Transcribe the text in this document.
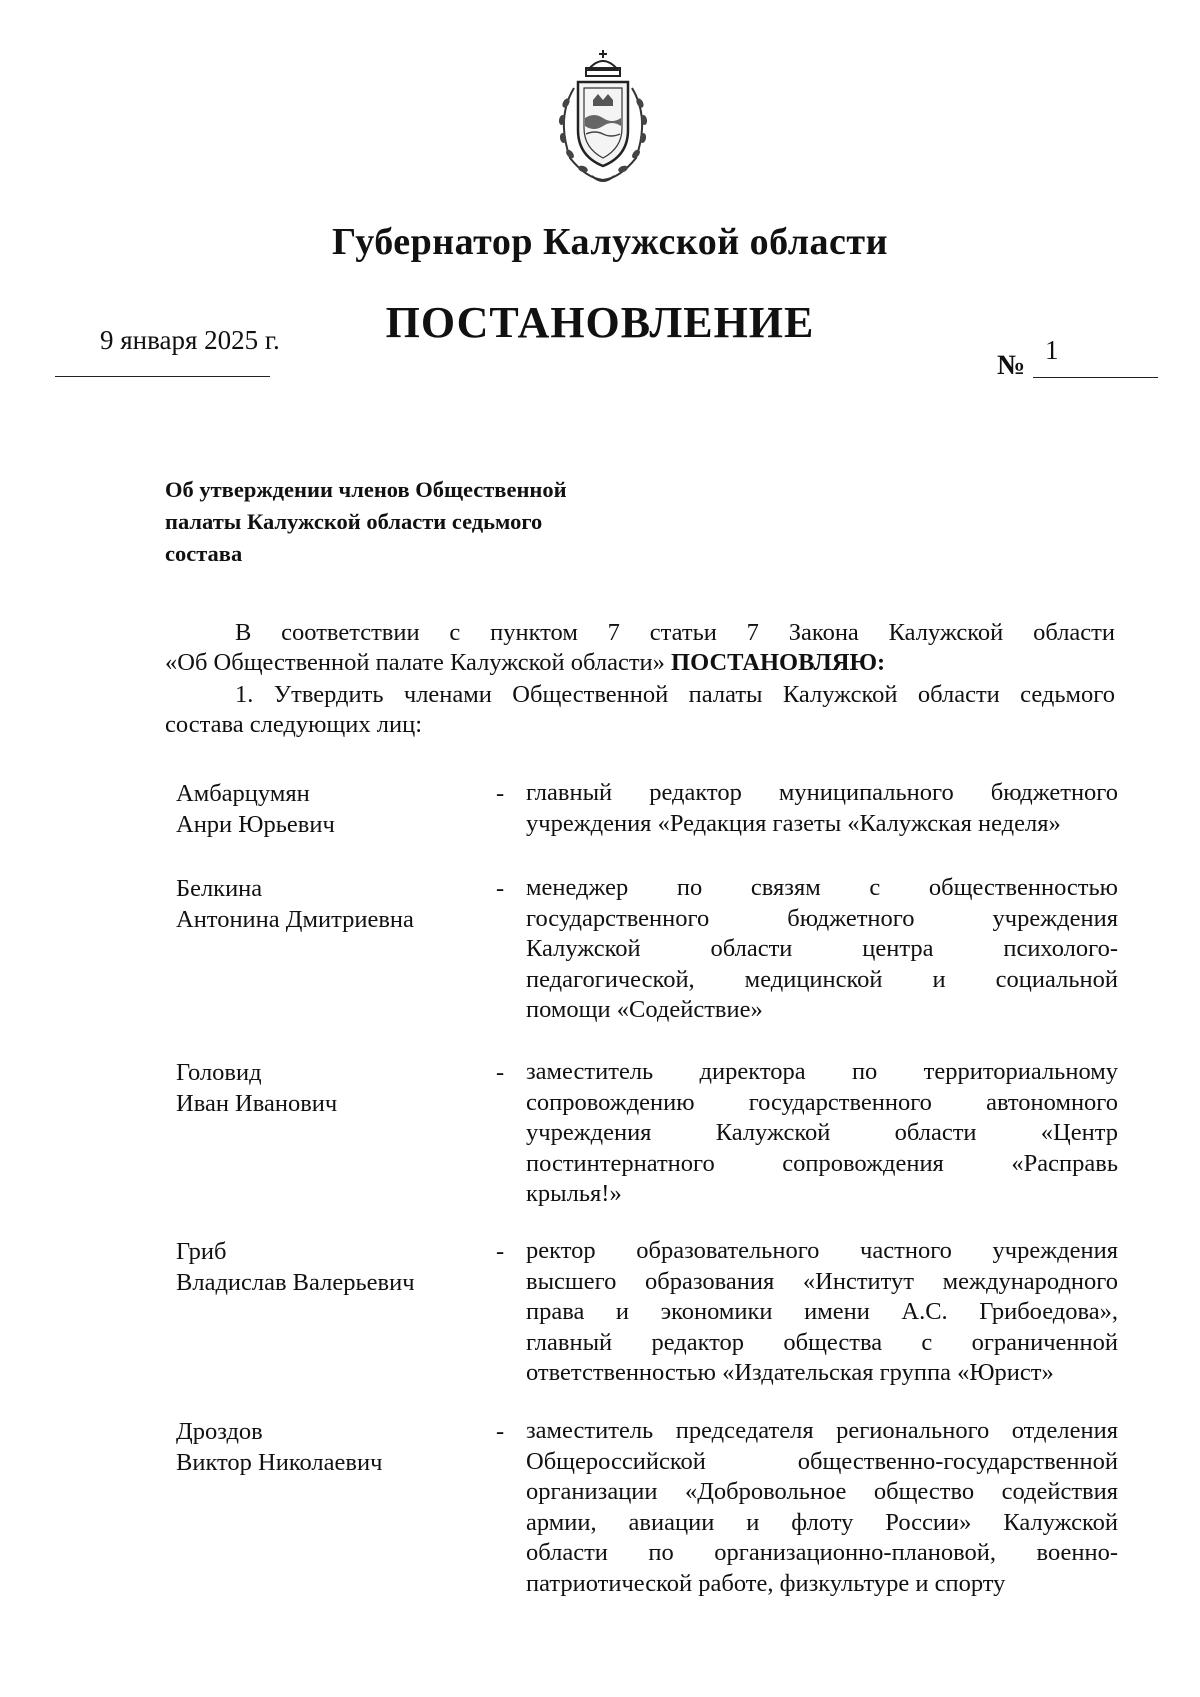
Губернатор Калужской области
ПОСТАНОВЛЕНИЕ
9 января 2025 г.
№ 1
Об утверждении членов Общественной
палаты Калужской области седьмого
состава
В соответствии с пунктом 7 статьи 7 Закона Калужской области
«Об Общественной палате Калужской области» ПОСТАНОВЛЯЮ:
1. Утвердить членами Общественной палаты Калужской области седьмого
состава следующих лиц:
Амбарцумян
Анри Юрьевич
- главный редактор муниципального бюджетного
учреждения «Редакция газеты «Калужская неделя»
Белкина
Антонина Дмитриевна
- менеджер по связям с общественностью
государственного бюджетного учреждения
Калужской области центра психолого-
педагогической, медицинской и социальной
помощи «Содействие»
Головид
Иван Иванович
- заместитель директора по территориальному
сопровождению государственного автономного
учреждения Калужской области «Центр
постинтернатного сопровождения «Расправь
крылья!»
Гриб
Владислав Валерьевич
- ректор образовательного частного учреждения
высшего образования «Институт международного
права и экономики имени А.С. Грибоедова»,
главный редактор общества с ограниченной
ответственностью «Издательская группа «Юрист»
Дроздов
Виктор Николаевич
- заместитель председателя регионального отделения
Общероссийской общественно-государственной
организации «Добровольное общество содействия
армии, авиации и флоту России» Калужской
области по организационно-плановой, военно-
патриотической работе, физкультуре и спорту
